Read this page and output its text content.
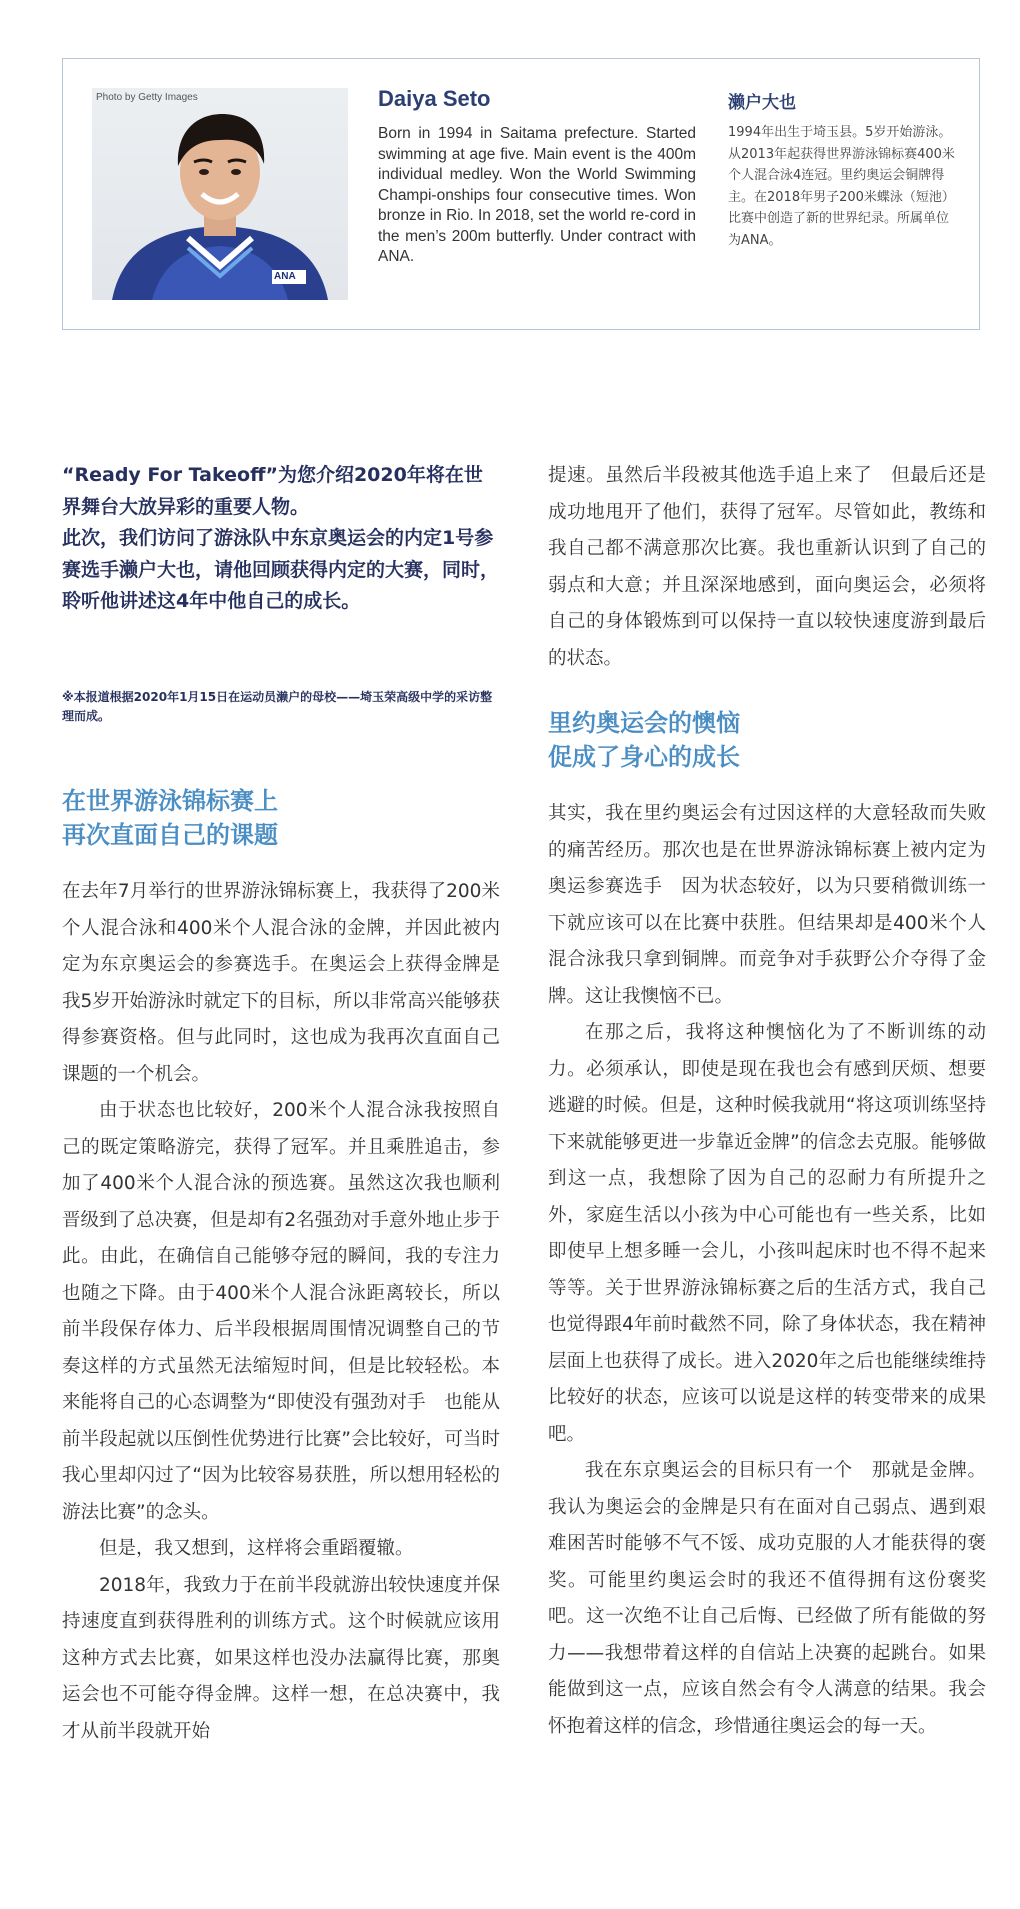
Photo by Getty Images
ANA
Daiya Seto
Born in 1994 in Saitama prefecture. Started swimming at age five. Main event is the 400m individual medley. Won the World Swimming Champi-onships four consecutive times. Won bronze in Rio. In 2018, set the world re-cord in the men’s 200m butterfly. Under contract with ANA.
濑户大也
1994年出生于埼玉县。5岁开始游泳。从2013年起获得世界游泳锦标赛400米个人混合泳4连冠。里约奥运会铜牌得主。在2018年男子200米蝶泳（短池）比赛中创造了新的世界纪录。所属单位为ANA。

“Ready For Takeoff”为您介绍2020年将在世界舞台大放异彩的重要人物。

此次，我们访问了游泳队中东京奥运会的内定1号参赛选手濑户大也，请他回顾获得内定的大赛，同时，聆听他讲述这4年中他自己的成长。

※本报道根据2020年1月15日在运动员濑户的母校——埼玉荣高级中学的采访整理而成。
在世界游泳锦标赛上
再次直面自己的课题

在去年7月举行的世界游泳锦标赛上，我获得了200米个人混合泳和400米个人混合泳的金牌，并因此被内定为东京奥运会的参赛选手。在奥运会上获得金牌是我5岁开始游泳时就定下的目标，所以非常高兴能够获得参赛资格。但与此同时，这也成为我再次直面自己课题的一个机会。

由于状态也比较好，200米个人混合泳我按照自己的既定策略游完，获得了冠军。并且乘胜追击，参加了400米个人混合泳的预选赛。虽然这次我也顺利晋级到了总决赛，但是却有2名强劲对手意外地止步于此。由此，在确信自己能够夺冠的瞬间，我的专注力也随之下降。由于400米个人混合泳距离较长，所以前半段保存体力、后半段根据周围情况调整自己的节奏这样的方式虽然无法缩短时间，但是比较轻松。本来能将自己的心态调整为“即使没有强劲对手　也能从前半段起就以压倒性优势进行比赛”会比较好，可当时我心里却闪过了“因为比较容易获胜，所以想用轻松的游法比赛”的念头。

但是，我又想到，这样将会重蹈覆辙。

2018年，我致力于在前半段就游出较快速度并保持速度直到获得胜利的训练方式。这个时候就应该用这种方式去比赛，如果这样也没办法赢得比赛，那奥运会也不可能夺得金牌。这样一想，在总决赛中，我才从前半段就开始

提速。虽然后半段被其他选手追上来了　但最后还是成功地甩开了他们，获得了冠军。尽管如此，教练和我自己都不满意那次比赛。我也重新认识到了自己的弱点和大意；并且深深地感到，面向奥运会，必须将自己的身体锻炼到可以保持一直以较快速度游到最后的状态。

里约奥运会的懊恼
促成了身心的成长

其实，我在里约奥运会有过因这样的大意轻敌而失败的痛苦经历。那次也是在世界游泳锦标赛上被内定为奥运参赛选手　因为状态较好，以为只要稍微训练一下就应该可以在比赛中获胜。但结果却是400米个人混合泳我只拿到铜牌。而竞争对手荻野公介夺得了金牌。这让我懊恼不已。

在那之后，我将这种懊恼化为了不断训练的动力。必须承认，即使是现在我也会有感到厌烦、想要逃避的时候。但是，这种时候我就用“将这项训练坚持下来就能够更进一步靠近金牌”的信念去克服。能够做到这一点，我想除了因为自己的忍耐力有所提升之外，家庭生活以小孩为中心可能也有一些关系，比如即使早上想多睡一会儿，小孩叫起床时也不得不起来等等。关于世界游泳锦标赛之后的生活方式，我自己也觉得跟4年前时截然不同，除了身体状态，我在精神层面上也获得了成长。进入2020年之后也能继续维持比较好的状态，应该可以说是这样的转变带来的成果吧。

我在东京奥运会的目标只有一个　那就是金牌。我认为奥运会的金牌是只有在面对自己弱点、遇到艰难困苦时能够不气不馁、成功克服的人才能获得的褒奖。可能里约奥运会时的我还不值得拥有这份褒奖吧。这一次绝不让自己后悔、已经做了所有能做的努力——我想带着这样的自信站上决赛的起跳台。如果能做到这一点，应该自然会有令人满意的结果。我会怀抱着这样的信念，珍惜通往奥运会的每一天。
